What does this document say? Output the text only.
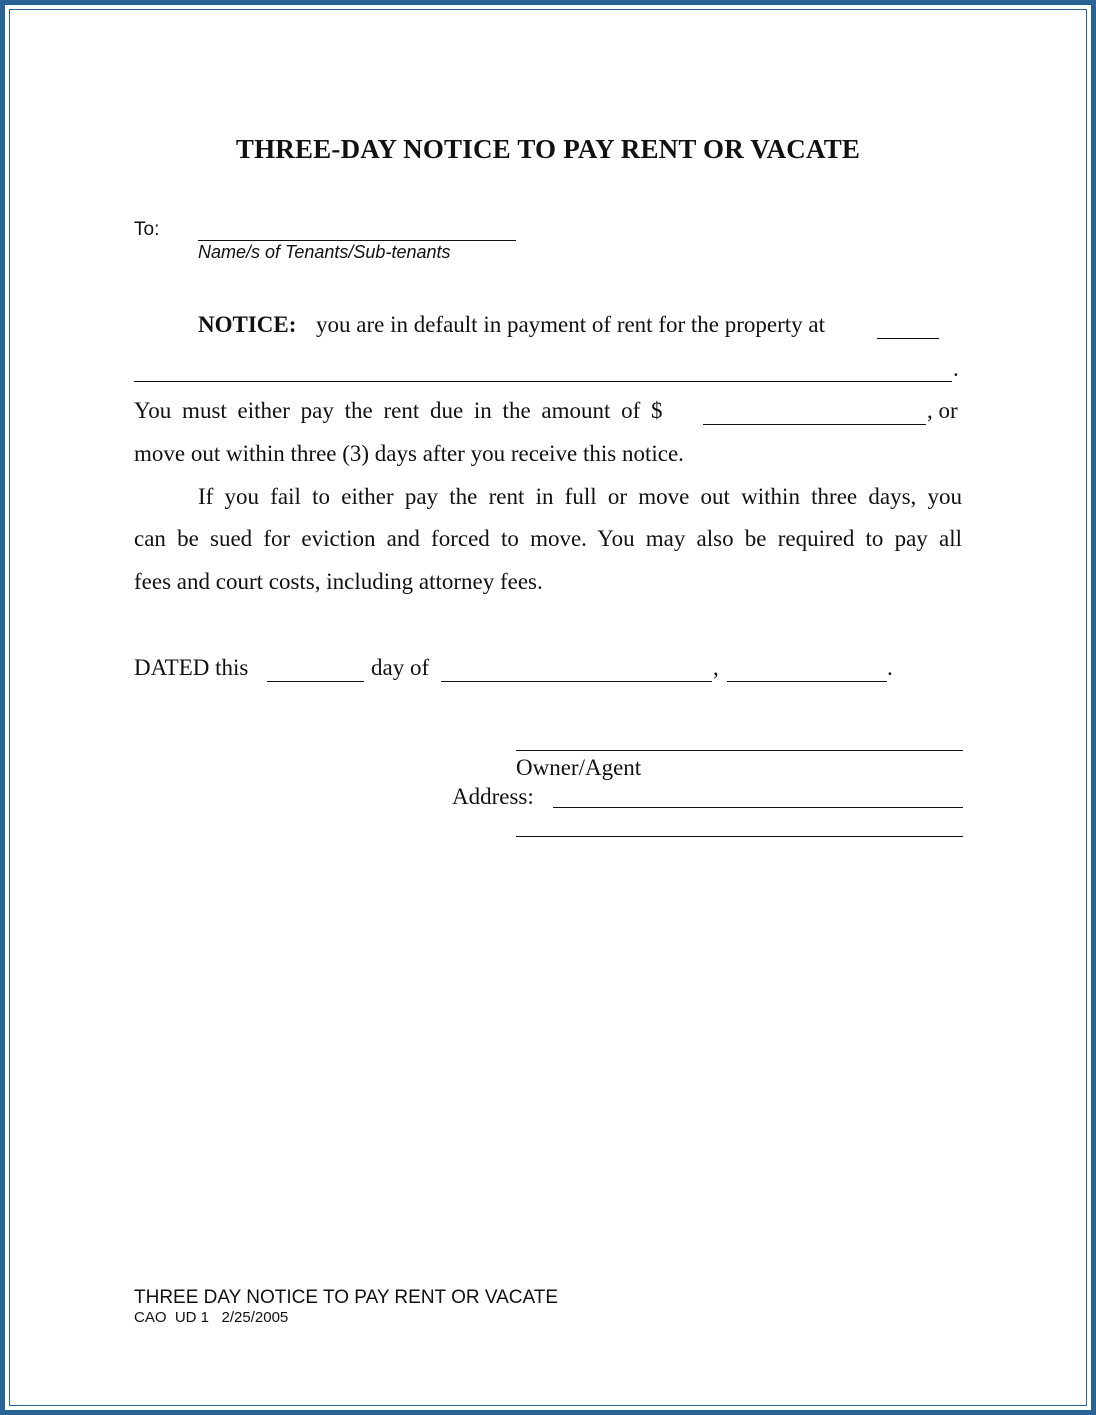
THREE-DAY NOTICE TO PAY RENT OR VACATE
To:
Name/s of Tenants/Sub-tenants
NOTICE: you are in default in payment of rent for the property at
.
You must either pay the rent due in the amount of $	, or
move out within three (3) days after you receive this notice.
If you fail to either pay the rent in full or move out within three days, you
can be sued for eviction and forced to move. You may also be required to pay all
fees and court costs, including attorney fees.
DATED this	day of	,	.
Owner/Agent
Address:
THREE DAY NOTICE TO PAY RENT OR VACATE
CAO  UD 1   2/25/2005
